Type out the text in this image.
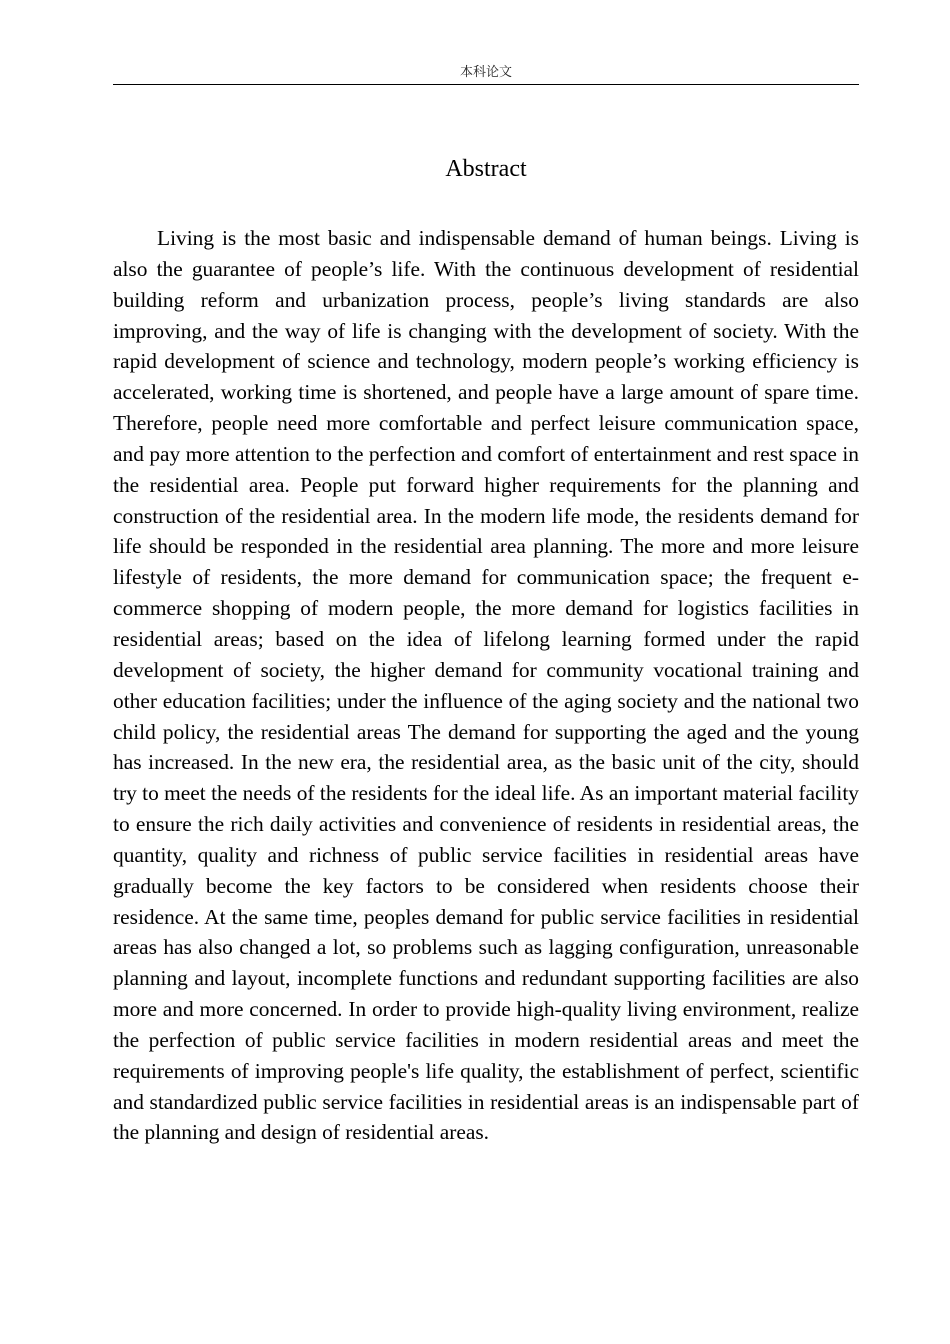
本科论文
Abstract

Living is the most basic and indispensable demand of human beings. Living is also the guarantee of people’s life. With the continuous development of residential building reform and urbanization process, people’s living standards are also improving, and the way of life is changing with the development of society. With the rapid development of science and technology, modern people’s working efficiency is accelerated, working time is shortened, and people have a large amount of spare time. Therefore, people need more comfortable and perfect leisure communication space, and pay more attention to the perfection and comfort of entertainment and rest space in the residential area. People put forward higher requirements for the planning and construction of the residential area. In the modern life mode, the residents demand for life should be responded in the residential area planning. The more and more leisure lifestyle of residents, the more demand for communication space; the frequent e-commerce shopping of modern people, the more demand for logistics facilities in residential areas; based on the idea of lifelong learning formed under the rapid development of society, the higher demand for community vocational training and other education facilities; under the influence of the aging society and the national two child policy, the residential areas The demand for supporting the aged and the young has increased. In the new era, the residential area, as the basic unit of the city, should try to meet the needs of the residents for the ideal life. As an important material facility to ensure the rich daily activities and convenience of residents in residential areas, the quantity, quality and richness of public service facilities in residential areas have gradually become the key factors to be considered when residents choose their residence. At the same time, peoples demand for public service facilities in residential areas has also changed a lot, so problems such as lagging configuration, unreasonable planning and layout, incomplete functions and redundant supporting facilities are also more and more concerned. In order to provide high-quality living environment, realize the perfection of public service facilities in modern residential areas and meet the requirements of improving people's life quality, the establishment of perfect, scientific and standardized public service facilities in residential areas is an indispensable part of the planning and design of residential areas.
